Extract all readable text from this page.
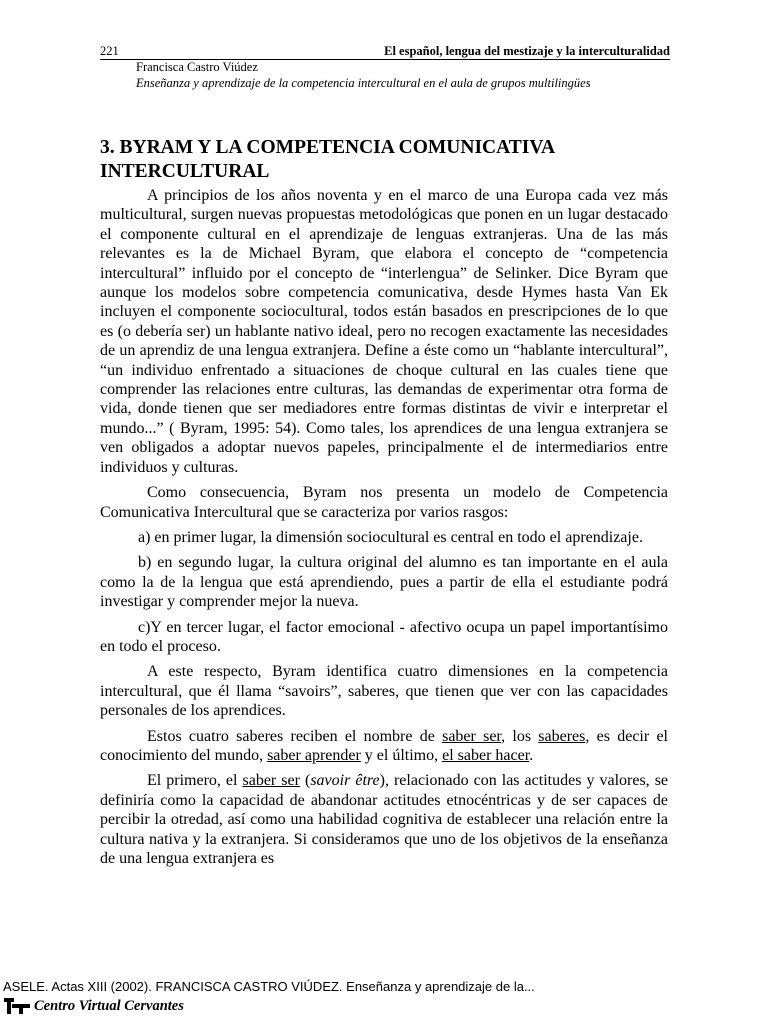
221	El español, lengua del mestizaje y la interculturalidad
Francisca Castro Viúdez
Enseñanza y aprendizaje de la competencia intercultural en el aula de grupos multilingües
3. BYRAM Y LA COMPETENCIA COMUNICATIVA
INTERCULTURAL

A principios de los años noventa y en el marco de una Europa cada vez más multicultural, surgen nuevas propuestas metodológicas que ponen en un lugar destacado el componente cultural en el aprendizaje de lenguas extranjeras. Una de las más relevantes es la de Michael Byram, que elabora el concepto de “competencia intercultural” influido por el concepto de “interlengua” de Selinker. Dice Byram que aunque los modelos sobre competencia comunicativa, desde Hymes hasta Van Ek incluyen el componente sociocultural, todos están basados en prescripciones de lo que es (o debería ser) un hablante nativo ideal, pero no recogen exactamente las necesidades de un aprendiz de una lengua extranjera. Define a éste como un “hablante intercultural”, “un individuo enfrentado a situaciones de choque cultural en las cuales tiene que comprender las relaciones entre culturas, las demandas de experimentar otra forma de vida, donde tienen que ser mediadores entre formas distintas de vivir e interpretar el mundo...” ( Byram, 1995: 54). Como tales, los aprendices de una lengua extranjera se ven obligados a adoptar nuevos papeles, principalmente el de intermediarios entre individuos y culturas.

Como consecuencia, Byram nos presenta un modelo de Competencia Comunicativa Intercultural que se caracteriza por varios rasgos:

a) en primer lugar, la dimensión sociocultural es central en todo el aprendizaje.

b) en segundo lugar, la cultura original del alumno es tan importante en el aula como la de la lengua que está aprendiendo, pues a partir de ella el estudiante podrá investigar y comprender mejor la nueva.

c)Y en tercer lugar, el factor emocional - afectivo ocupa un papel importantísimo en todo el proceso.

A este respecto, Byram identifica cuatro dimensiones en la competencia intercultural, que él llama “savoirs”, saberes, que tienen que ver con las capacidades personales de los aprendices.

Estos cuatro saberes reciben el nombre de saber ser, los saberes, es decir el conocimiento del mundo, saber aprender y el último, el saber hacer.

El primero, el saber ser (savoir être), relacionado con las actitudes y valores, se definiría como la capacidad de abandonar actitudes etnocéntricas y de ser capaces de percibir la otredad, así como una habilidad cognitiva de establecer una relación entre la cultura nativa y la extranjera. Si consideramos que uno de los objetivos de la enseñanza de una lengua extranjera es

ASELE. Actas XIII (2002). FRANCISCA CASTRO VIÚDEZ. Enseñanza y aprendizaje de la...
Centro Virtual Cervantes
